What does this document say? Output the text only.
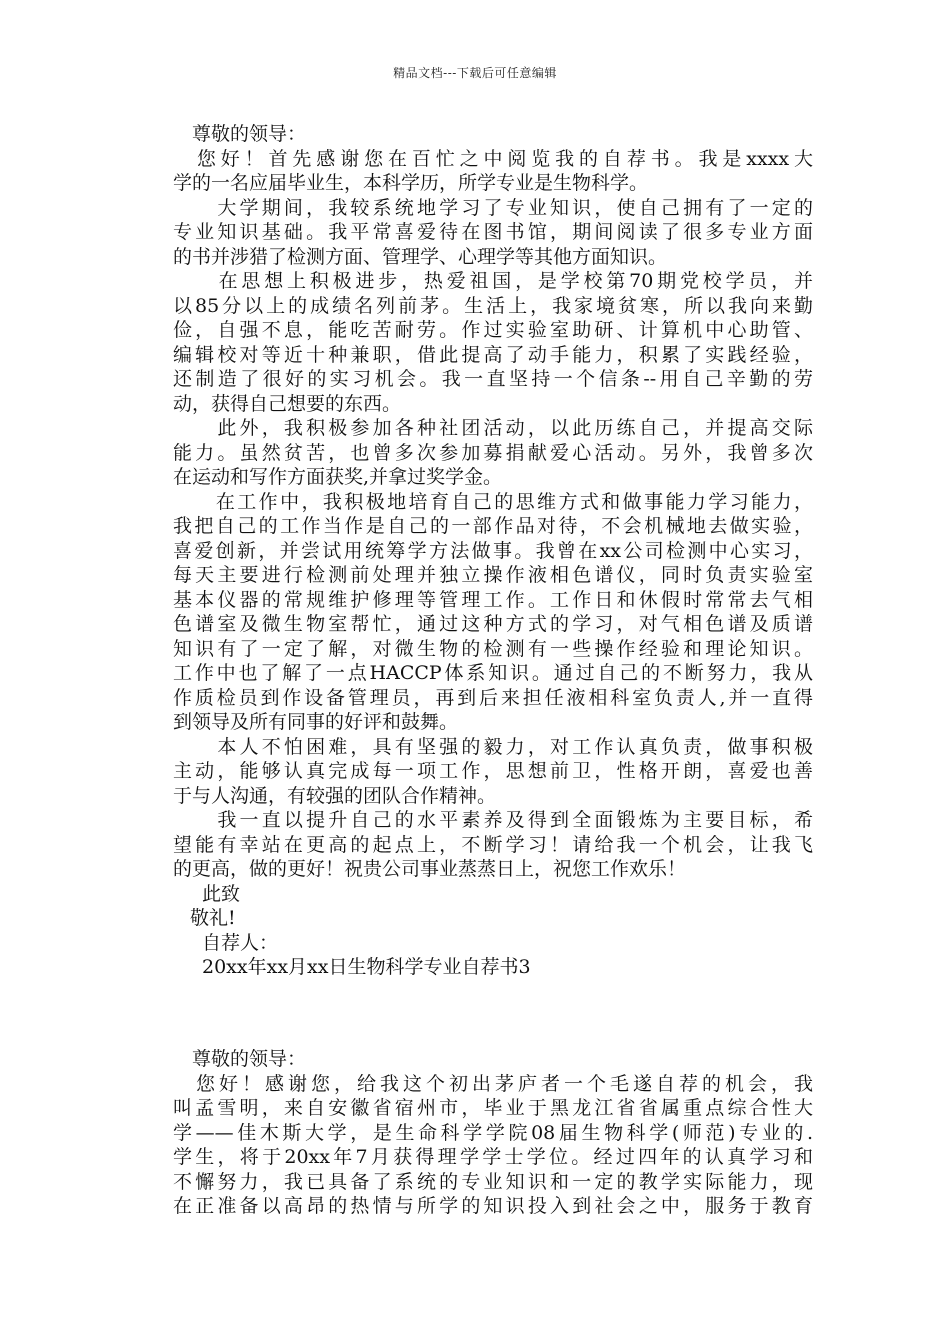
精品文档---下载后可任意编辑
尊敬的领导：
　您好！首先感谢您在百忙之中阅览我的自荐书。我是xxxx大
学的一名应届毕业生，本科学历，所学专业是生物科学。
　　大学期间，我较系统地学习了专业知识，使自己拥有了一定的
专业知识基础。我平常喜爱待在图书馆，期间阅读了很多专业方面
的书并涉猎了检测方面、管理学、心理学等其他方面知识。
　　在思想上积极进步，热爱祖国，是学校第70期党校学员，并
以85分以上的成绩名列前茅。生活上，我家境贫寒，所以我向来勤
俭，自强不息，能吃苦耐劳。作过实验室助研、计算机中心助管、
编辑校对等近十种兼职，借此提高了动手能力，积累了实践经验，
还制造了很好的实习机会。我一直坚持一个信条--用自己辛勤的劳
动，获得自己想要的东西。
　　此外，我积极参加各种社团活动，以此历练自己，并提高交际
能力。虽然贫苦，也曾多次参加募捐献爱心活动。另外，我曾多次
在运动和写作方面获奖,并拿过奖学金。
　　在工作中，我积极地培育自己的思维方式和做事能力学习能力，
我把自己的工作当作是自己的一部作品对待，不会机械地去做实验，
喜爱创新，并尝试用统筹学方法做事。我曾在xx公司检测中心实习，
每天主要进行检测前处理并独立操作液相色谱仪，同时负责实验室
基本仪器的常规维护修理等管理工作。工作日和休假时常常去气相
色谱室及微生物室帮忙，通过这种方式的学习，对气相色谱及质谱
知识有了一定了解，对微生物的检测有一些操作经验和理论知识。
工作中也了解了一点HACCP体系知识。通过自己的不断努力，我从
作质检员到作设备管理员，再到后来担任液相科室负责人,并一直得
到领导及所有同事的好评和鼓舞。
　　本人不怕困难，具有坚强的毅力，对工作认真负责，做事积极
主动，能够认真完成每一项工作，思想前卫，性格开朗，喜爱也善
于与人沟通，有较强的团队合作精神。
　　我一直以提升自己的水平素养及得到全面锻炼为主要目标，希
望能有幸站在更高的起点上，不断学习！请给我一个机会，让我飞
的更高，做的更好！祝贵公司事业蒸蒸日上，祝您工作欢乐！
此致
敬礼!
自荐人：
20xx年xx月xx日生物科学专业自荐书3
尊敬的领导：
　您好！感谢您，给我这个初出茅庐者一个毛遂自荐的机会，我
叫孟雪明，来自安徽省宿州市，毕业于黑龙江省省属重点综合性大
学——佳木斯大学，是生命科学学院08届生物科学(师范)专业的.
学生，将于20xx年7月获得理学学士学位。经过四年的认真学习和
不懈努力，我已具备了系统的专业知识和一定的教学实际能力，现
在正准备以高昂的热情与所学的知识投入到社会之中，服务于教育
